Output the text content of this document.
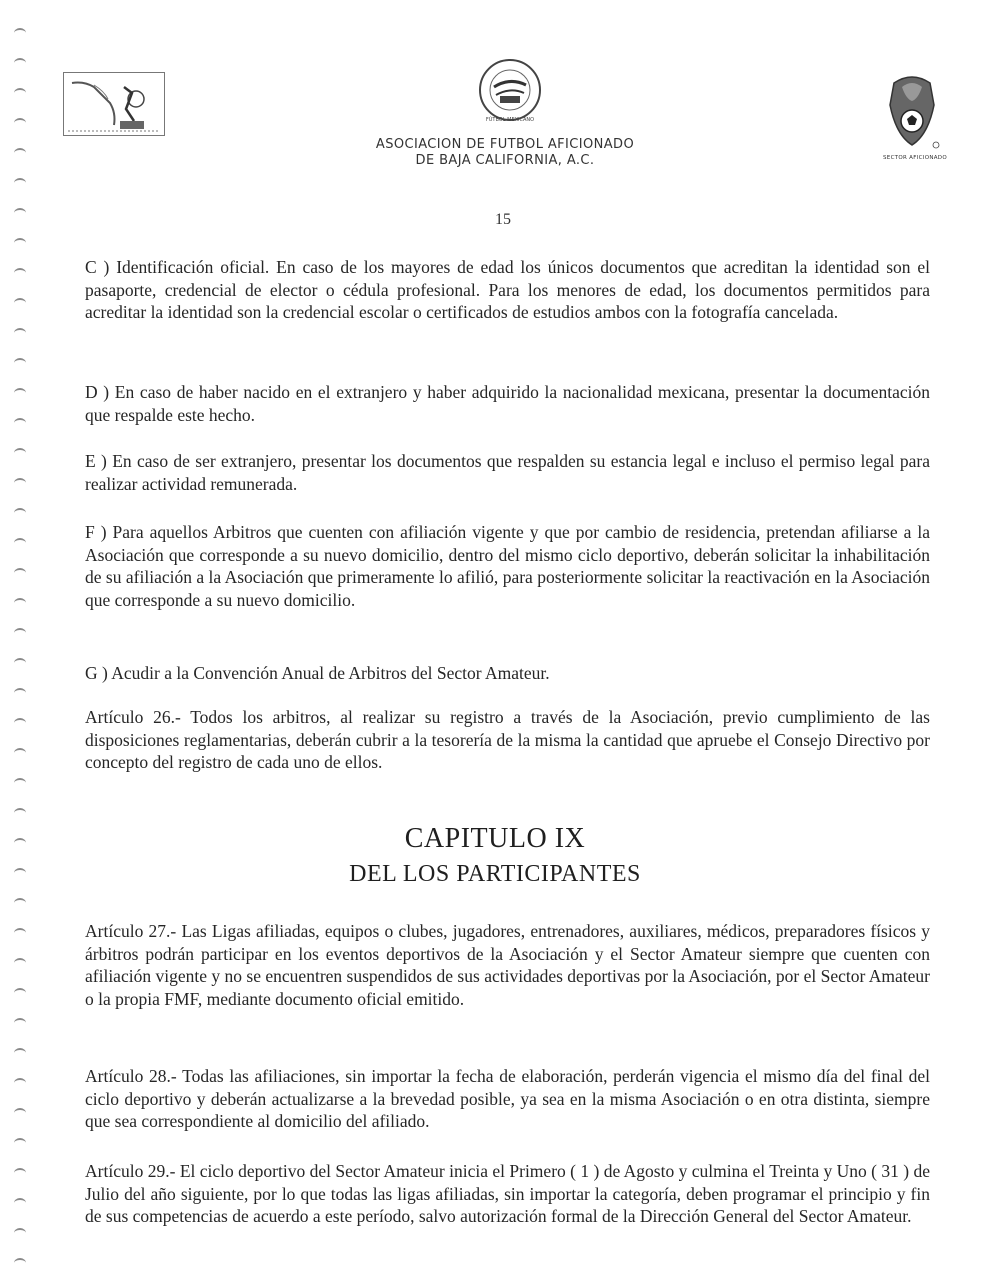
FÚTBOL MEXICANO
ASOCIACION DE FUTBOL AFICIONADO
DE BAJA CALIFORNIA, A.C.	SECTOR AFICIONADO
15
C ) Identificación oficial. En caso de los mayores de edad los únicos documentos que acreditan la identidad son el pasaporte, credencial de elector o cédula profesional. Para los menores de edad, los documentos permitidos para acreditar la identidad son la credencial escolar o certificados de estudios ambos con la fotografía cancelada.
D ) En caso de haber nacido en el extranjero y haber adquirido la nacionalidad mexicana, presentar la documentación que respalde este hecho.
E ) En caso de ser extranjero, presentar los documentos que respalden su estancia legal e incluso el permiso legal para realizar actividad remunerada.
F ) Para aquellos Arbitros que cuenten con afiliación vigente y que por cambio de residencia, pretendan afiliarse a la Asociación que corresponde a su nuevo domicilio, dentro del mismo ciclo deportivo, deberán solicitar la inhabilitación de su afiliación a la Asociación que primeramente lo afilió, para posteriormente solicitar la reactivación en la Asociación que corresponde a su nuevo domicilio.
G ) Acudir a la Convención Anual de Arbitros del Sector Amateur.
Artículo 26.- Todos los arbitros, al realizar su registro a través de la Asociación, previo cumplimiento de las disposiciones reglamentarias, deberán cubrir a la tesorería de la misma la cantidad que apruebe el Consejo Directivo por concepto del registro de cada uno de ellos.
CAPITULO IX
DEL LOS PARTICIPANTES
Artículo 27.- Las Ligas afiliadas, equipos o clubes, jugadores, entrenadores, auxiliares, médicos, preparadores físicos y árbitros podrán participar en los eventos deportivos de la Asociación y el Sector Amateur siempre que cuenten con afiliación vigente y no se encuentren suspendidos de sus actividades deportivas por la Asociación, por el Sector Amateur o la propia FMF, mediante documento oficial emitido.
Artículo 28.- Todas las afiliaciones, sin importar la fecha de elaboración, perderán vigencia el mismo día del final del ciclo deportivo y deberán actualizarse a la brevedad posible, ya sea en la misma Asociación o en otra distinta, siempre que sea correspondiente al domicilio del afiliado.
Artículo 29.- El ciclo deportivo del Sector Amateur inicia el Primero ( 1 ) de Agosto y culmina el Treinta y Uno ( 31 ) de Julio del año siguiente, por lo que todas las ligas afiliadas, sin importar la categoría, deben programar el principio y fin de sus competencias de acuerdo a este período, salvo autorización formal de la Dirección General del Sector Amateur.
